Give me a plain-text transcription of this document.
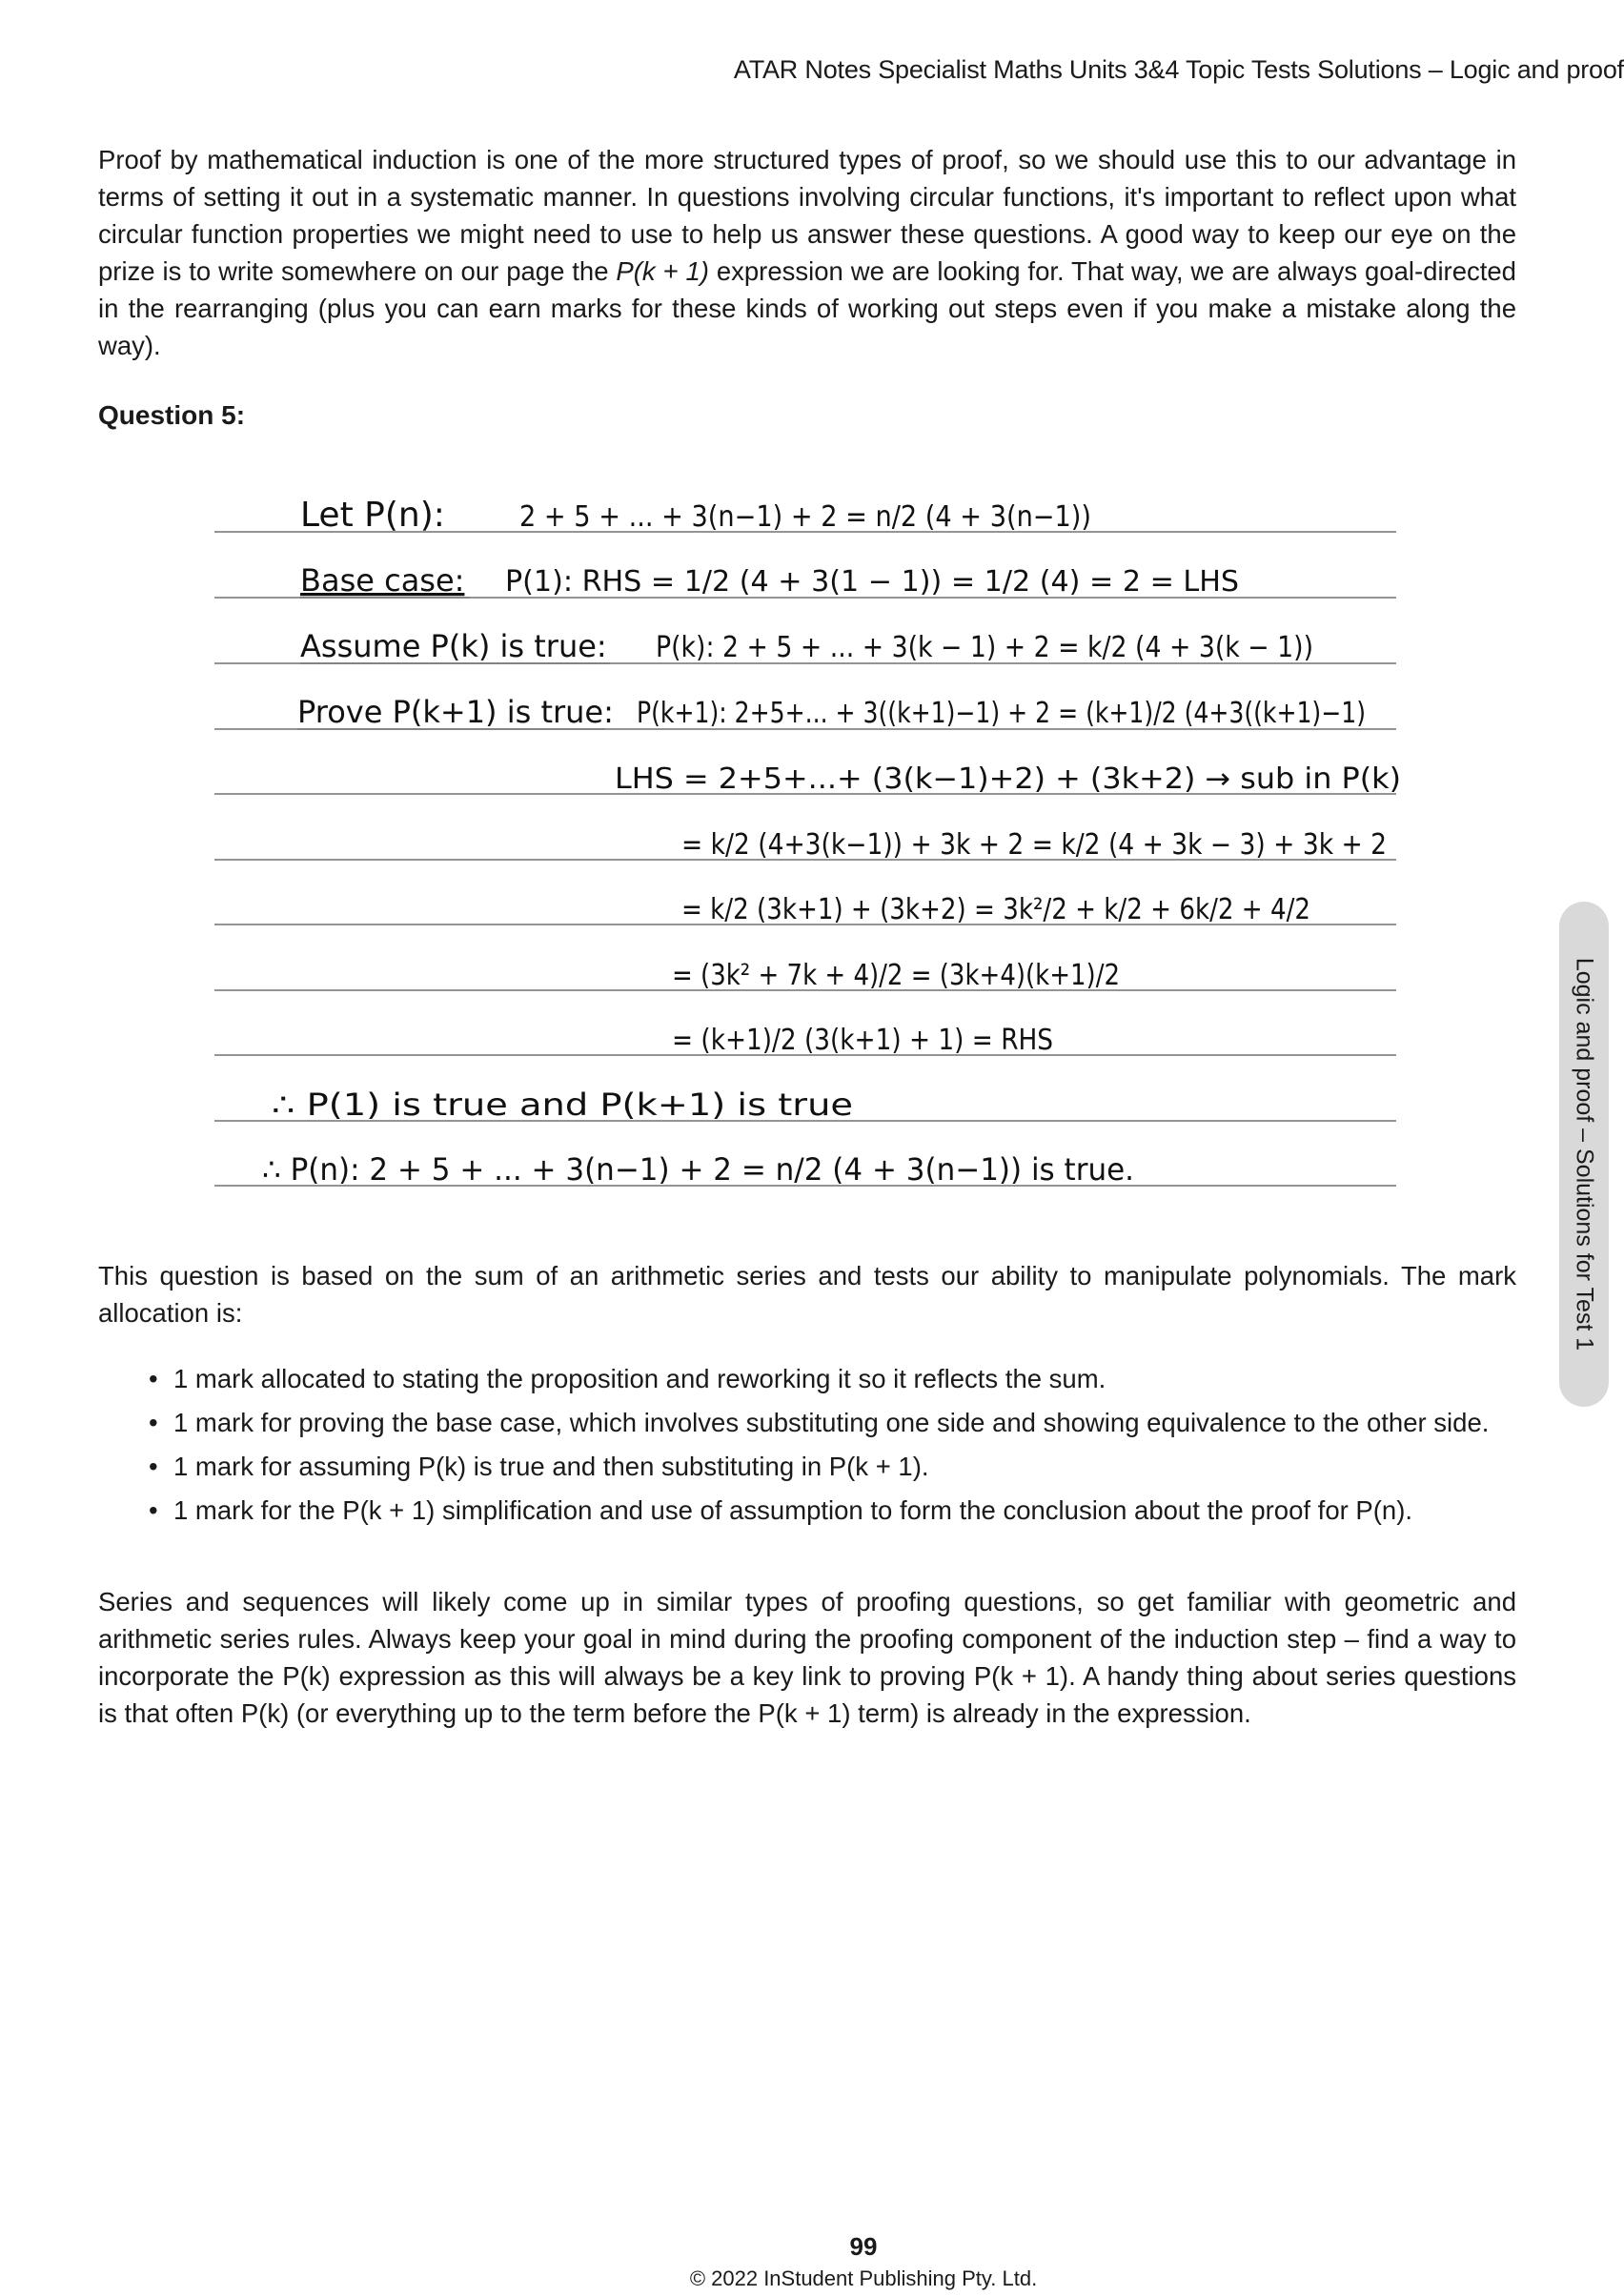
ATAR Notes Specialist Maths Units 3&4 Topic Tests Solutions – Logic and proof

Proof by mathematical induction is one of the more structured types of proof, so we should use this to our advantage in terms of setting it out in a systematic manner. In questions involving circular functions, it's important to reflect upon what circular function properties we might need to use to help us answer these questions. A good way to keep our eye on the prize is to write somewhere on our page the P(k + 1) expression we are looking for. That way, we are always goal-directed in the rearranging (plus you can earn marks for these kinds of working out steps even if you make a mistake along the way).

Question 5:
Let P(n):	2 + 5 + ... + 3(n−1) + 2 = n/2 (4 + 3(n−1))
Base case: P(1): RHS = 1/2 (4 + 3(1 − 1)) = 1/2 (4) = 2 = LHS
Assume P(k) is true: P(k): 2 + 5 + ... + 3(k − 1) + 2 = k/2 (4 + 3(k − 1))
Prove P(k+1) is true: P(k+1): 2+5+... + 3((k+1)−1) + 2 = (k+1)/2 (4+3((k+1)−1)
LHS = 2+5+...+ (3(k−1)+2) + (3k+2) → sub in P(k)
= k/2 (4+3(k−1)) + 3k + 2 = k/2 (4 + 3k − 3) + 3k + 2
= k/2 (3k+1) + (3k+2) = 3k²/2 + k/2 + 6k/2 + 4/2
= (3k² + 7k + 4)/2 = (3k+4)(k+1)/2
= (k+1)/2 (3(k+1) + 1) = RHS
∴ P(1) is true and P(k+1) is true
∴ P(n): 2 + 5 + ... + 3(n−1) + 2 = n/2 (4 + 3(n−1)) is true.

This question is based on the sum of an arithmetic series and tests our ability to manipulate polynomials. The mark allocation is:

• 1 mark allocated to stating the proposition and reworking it so it reflects the sum.
• 1 mark for proving the base case, which involves substituting one side and showing equivalence to the other side.
• 1 mark for assuming P(k) is true and then substituting in P(k + 1).
• 1 mark for the P(k + 1) simplification and use of assumption to form the conclusion about the proof for P(n).

Series and sequences will likely come up in similar types of proofing questions, so get familiar with geometric and arithmetic series rules. Always keep your goal in mind during the proofing component of the induction step – find a way to incorporate the P(k) expression as this will always be a key link to proving P(k + 1). A handy thing about series questions is that often P(k) (or everything up to the term before the P(k + 1) term) is already in the expression.

Logic and proof – Solutions for Test 1
99
© 2022 InStudent Publishing Pty. Ltd.
